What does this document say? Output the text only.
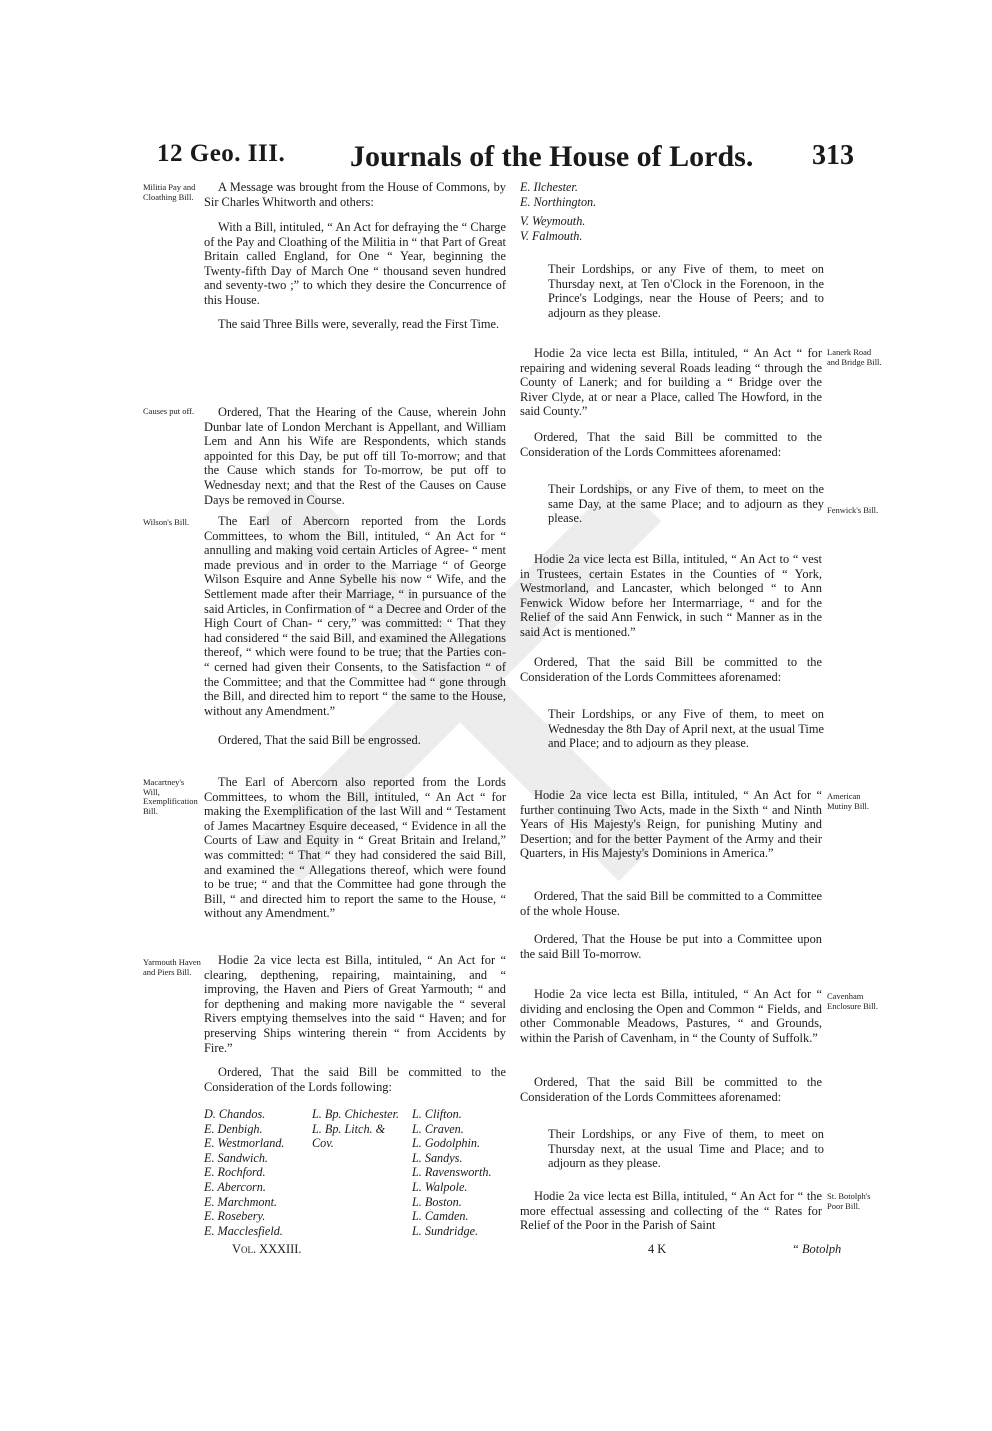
12 Geo. III. Journals of the House of Lords. 313
Militia Pay and Cloathing Bill.
Causes put off.
Wilson's Bill.
Macartney's Will, Exemplification Bill.
Yarmouth Haven and Piers Bill.
Lanerk Road and Bridge Bill.
Fenwick's Bill.
American Mutiny Bill.
Cavenham Enclosure Bill.
St. Botolph's Poor Bill.

A Message was brought from the House of Commons, by Sir Charles Whitworth and others:

With a Bill, intituled, “ An Act for defraying the “ Charge of the Pay and Cloathing of the Militia in “ that Part of Great Britain called England, for One “ Year, beginning the Twenty-fifth Day of March One “ thousand seven hundred and seventy-two ;” to which they desire the Concurrence of this House.

The said Three Bills were, severally, read the First Time.

Ordered, That the Hearing of the Cause, wherein John Dunbar late of London Merchant is Appellant, and William Lem and Ann his Wife are Respondents, which stands appointed for this Day, be put off till To-morrow; and that the Cause which stands for To-morrow, be put off to Wednesday next; and that the Rest of the Causes on Cause Days be removed in Course.

The Earl of Abercorn reported from the Lords Committees, to whom the Bill, intituled, “ An Act for “ annulling and making void certain Articles of Agree- “ ment made previous and in order to the Marriage “ of George Wilson Esquire and Anne Sybelle his now “ Wife, and the Settlement made after their Marriage, “ in pursuance of the said Articles, in Confirmation of “ a Decree and Order of the High Court of Chan- “ cery,” was committed: “ That they had considered “ the said Bill, and examined the Allegations thereof, “ which were found to be true; that the Parties con- “ cerned had given their Consents, to the Satisfaction “ of the Committee; and that the Committee had “ gone through the Bill, and directed him to report “ the same to the House, without any Amendment.”

Ordered, That the said Bill be engrossed.

The Earl of Abercorn also reported from the Lords Committees, to whom the Bill, intituled, “ An Act “ for making the Exemplification of the last Will and “ Testament of James Macartney Esquire deceased, “ Evidence in all the Courts of Law and Equity in “ Great Britain and Ireland,” was committed: “ That “ they had considered the said Bill, and examined the “ Allegations thereof, which were found to be true; “ and that the Committee had gone through the Bill, “ and directed him to report the same to the House, “ without any Amendment.”

Hodie 2a vice lecta est Billa, intituled, “ An Act for “ clearing, depthening, repairing, maintaining, and “ improving, the Haven and Piers of Great Yarmouth; “ and for depthening and making more navigable the “ several Rivers emptying themselves into the said “ Haven; and for preserving Ships wintering therein “ from Accidents by Fire.”

Ordered, That the said Bill be committed to the Consideration of the Lords following:

D. Chandos.
E. Denbigh.
E. Westmorland.
E. Sandwich.
E. Rochford.
E. Abercorn.
E. Marchmont.
E. Rosebery.
E. Macclesfield.
L. Bp. Chichester.
L. Bp. Litch. & Cov.
L. Clifton.
L. Craven.
L. Godolphin.
L. Sandys.
L. Ravensworth.
L. Walpole.
L. Boston.
L. Camden.
L. Sundridge.
E. Ilchester.
E. Northington.
V. Weymouth.
V. Falmouth.

Their Lordships, or any Five of them, to meet on Thursday next, at Ten o'Clock in the Forenoon, in the Prince's Lodgings, near the House of Peers; and to adjourn as they please.

Hodie 2a vice lecta est Billa, intituled, “ An Act “ for repairing and widening several Roads leading “ through the County of Lanerk; and for building a “ Bridge over the River Clyde, at or near a Place, called The Howford, in the said County.”

Ordered, That the said Bill be committed to the Consideration of the Lords Committees aforenamed:

Their Lordships, or any Five of them, to meet on the same Day, at the same Place; and to adjourn as they please.

Hodie 2a vice lecta est Billa, intituled, “ An Act to “ vest in Trustees, certain Estates in the Counties of “ York, Westmorland, and Lancaster, which belonged “ to Ann Fenwick Widow before her Intermarriage, “ and for the Relief of the said Ann Fenwick, in such “ Manner as in the said Act is mentioned.”

Ordered, That the said Bill be committed to the Consideration of the Lords Committees aforenamed:

Their Lordships, or any Five of them, to meet on Wednesday the 8th Day of April next, at the usual Time and Place; and to adjourn as they please.

Hodie 2a vice lecta est Billa, intituled, “ An Act for “ further continuing Two Acts, made in the Sixth “ and Ninth Years of His Majesty's Reign, for punishing Mutiny and Desertion; and for the better Payment of the Army and their Quarters, in His Majesty's Dominions in America.”

Ordered, That the said Bill be committed to a Committee of the whole House.

Ordered, That the House be put into a Committee upon the said Bill To-morrow.

Hodie 2a vice lecta est Billa, intituled, “ An Act for “ dividing and enclosing the Open and Common “ Fields, and other Commonable Meadows, Pastures, “ and Grounds, within the Parish of Cavenham, in “ the County of Suffolk.”

Ordered, That the said Bill be committed to the Consideration of the Lords Committees aforenamed:

Their Lordships, or any Five of them, to meet on Thursday next, at the usual Time and Place; and to adjourn as they please.

Hodie 2a vice lecta est Billa, intituled, “ An Act for “ the more effectual assessing and collecting of the “ Rates for Relief of the Poor in the Parish of Saint

Vol. XXXIII.	4 K	“ Botolph
